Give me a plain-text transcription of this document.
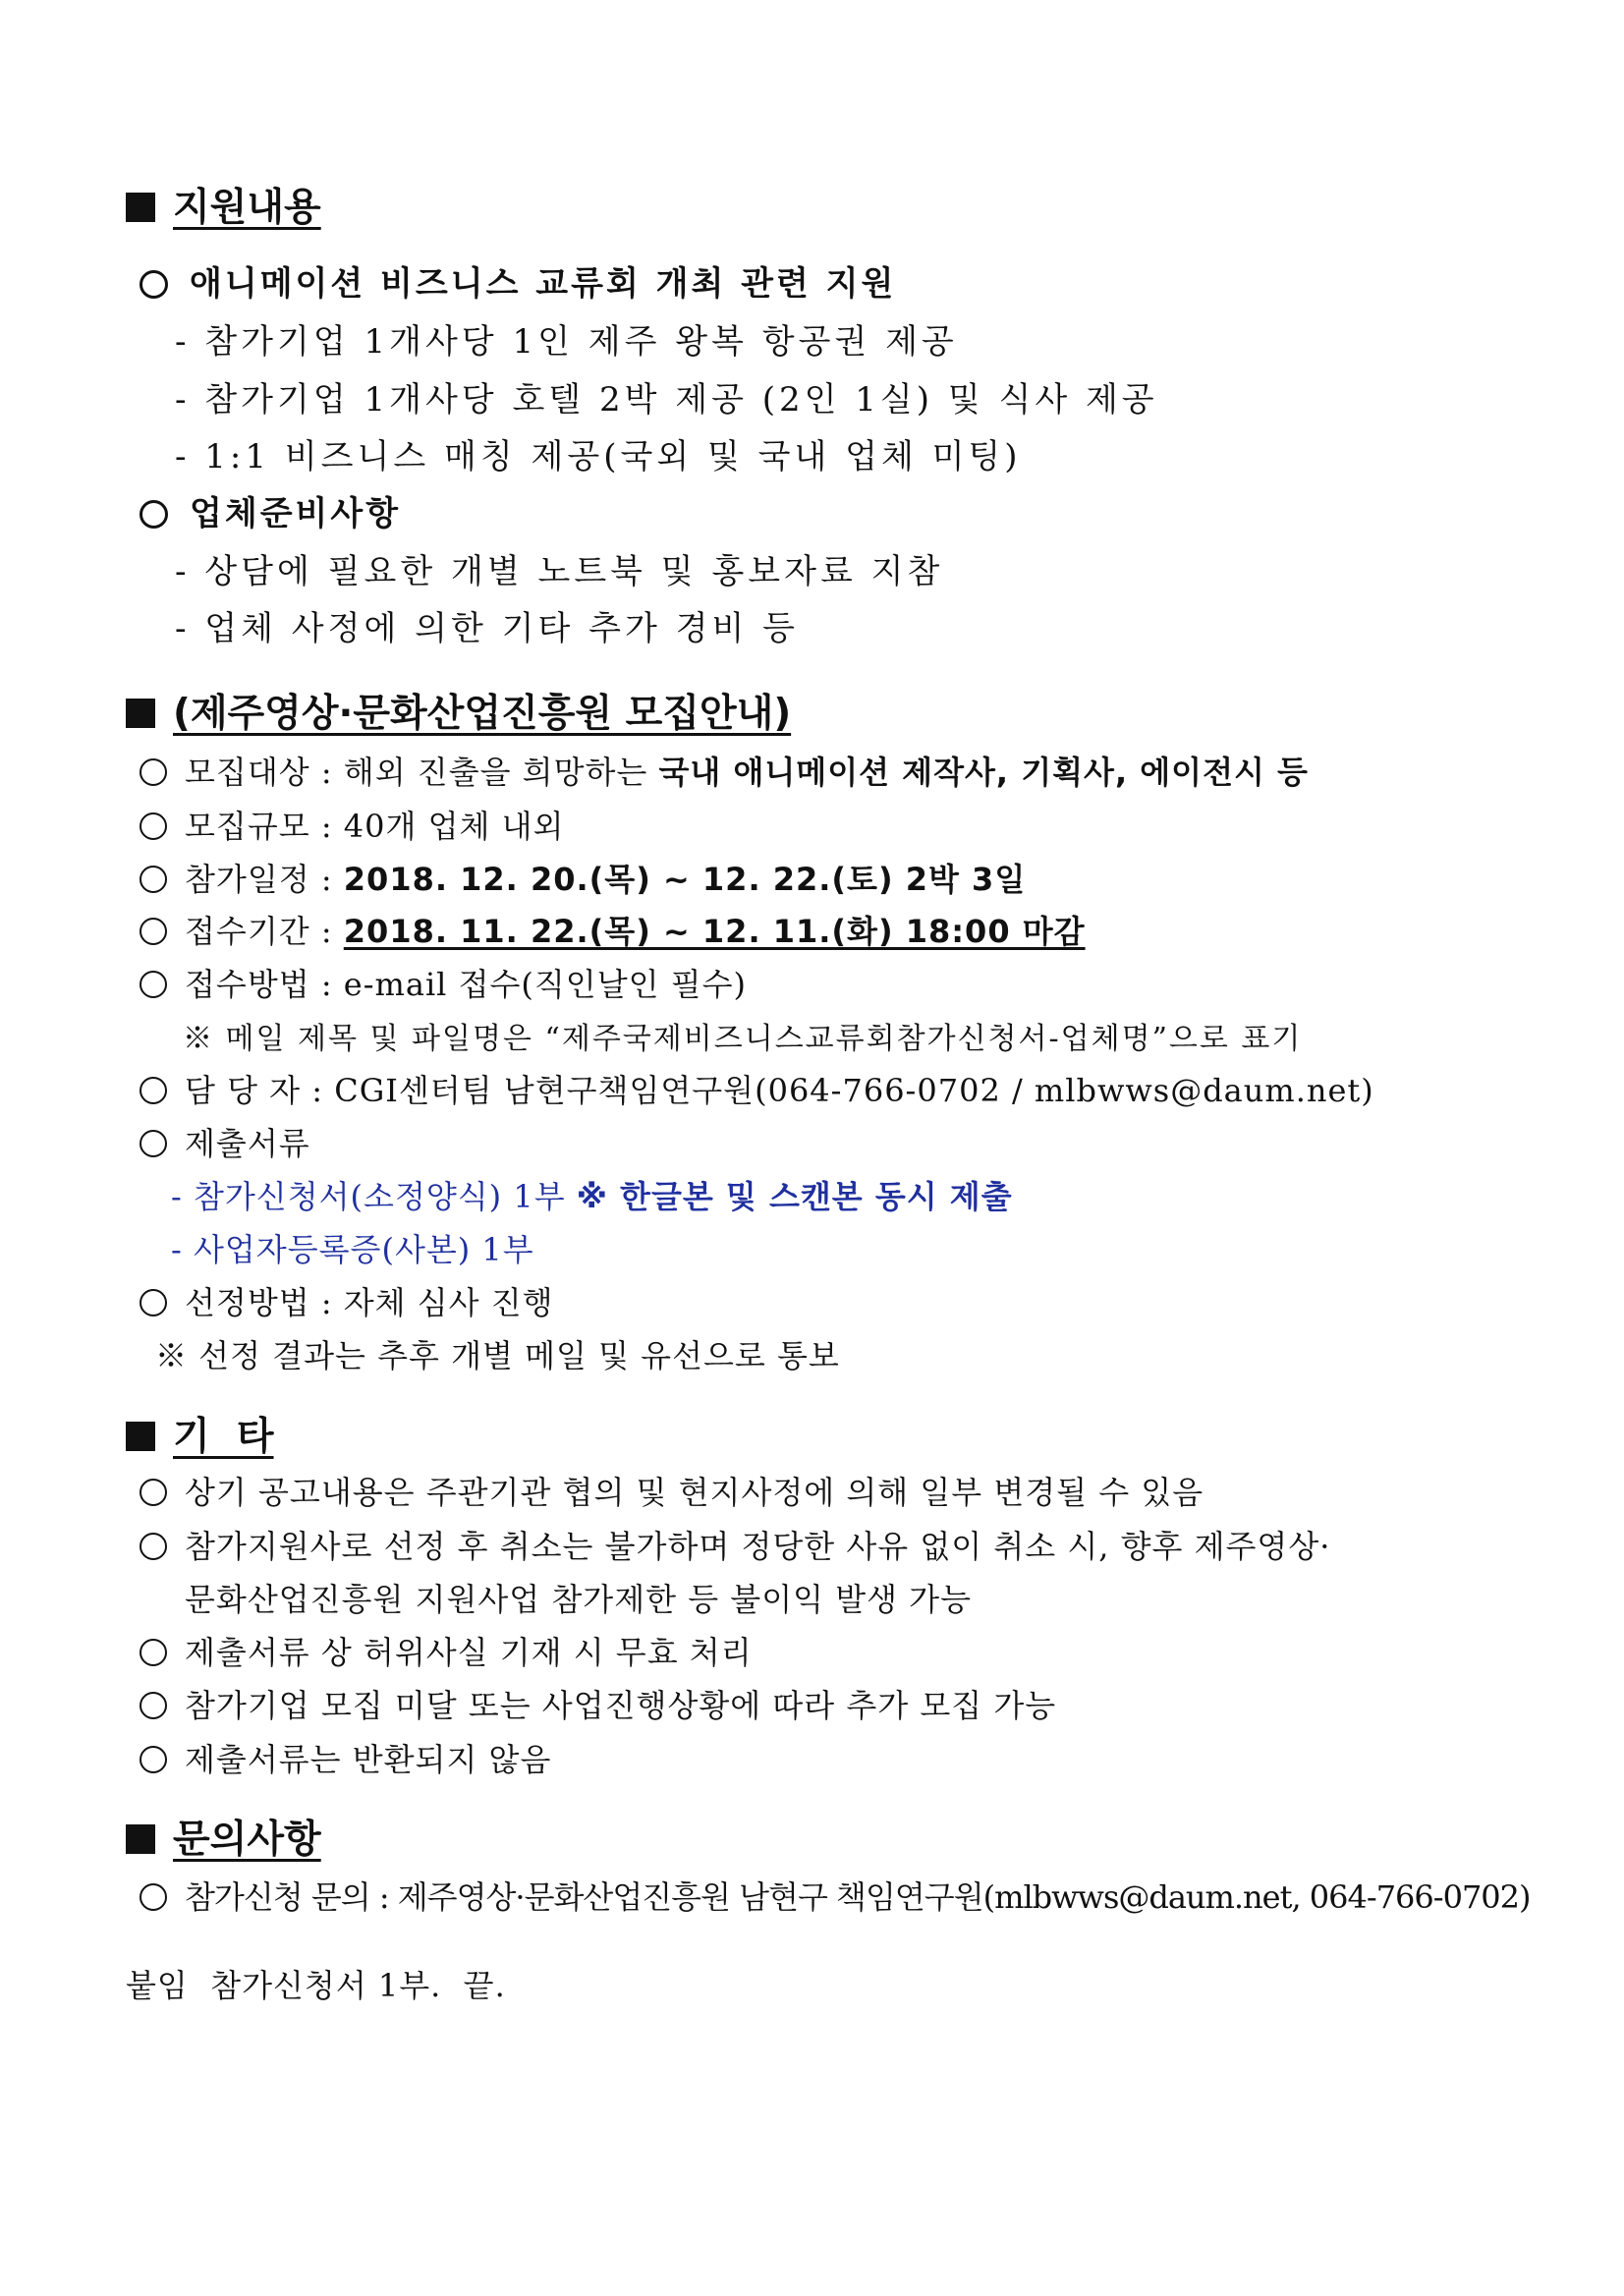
지원내용
애니메이션 비즈니스 교류회 개최 관련 지원
- 참가기업 1개사당 1인 제주 왕복 항공권 제공
- 참가기업 1개사당 호텔 2박 제공 (2인 1실) 및 식사 제공
- 1:1 비즈니스 매칭 제공(국외 및 국내 업체 미팅)
업체준비사항
- 상담에 필요한 개별 노트북 및 홍보자료 지참
- 업체 사정에 의한 기타 추가 경비 등
(제주영상·문화산업진흥원 모집안내)
모집대상 : 해외 진출을 희망하는 국내 애니메이션 제작사, 기획사, 에이전시 등
모집규모 : 40개 업체 내외
참가일정 : 2018. 12. 20.(목) ~ 12. 22.(토) 2박 3일
접수기간 : 2018. 11. 22.(목) ~ 12. 11.(화) 18:00 마감
접수방법 : e-mail 접수(직인날인 필수)
※ 메일 제목 및 파일명은 “제주국제비즈니스교류회참가신청서-업체명”으로 표기
담 당 자 : CGI센터팀 남현구책임연구원(064-766-0702 / mlbwws@daum.net)
제출서류
- 참가신청서(소정양식) 1부 ※ 한글본 및 스캔본 동시 제출
- 사업자등록증(사본) 1부
선정방법 : 자체 심사 진행
※ 선정 결과는 추후 개별 메일 및 유선으로 통보
기  타
상기 공고내용은 주관기관 협의 및 현지사정에 의해 일부 변경될 수 있음
참가지원사로 선정 후 취소는 불가하며 정당한 사유 없이 취소 시, 향후 제주영상·
문화산업진흥원 지원사업 참가제한 등 불이익 발생 가능
제출서류 상 허위사실 기재 시 무효 처리
참가기업 모집 미달 또는 사업진행상황에 따라 추가 모집 가능
제출서류는 반환되지 않음
문의사항
참가신청 문의 : 제주영상·문화산업진흥원 남현구 책임연구원(mlbwws@daum.net, 064-766-0702)
붙임  참가신청서 1부.  끝.
